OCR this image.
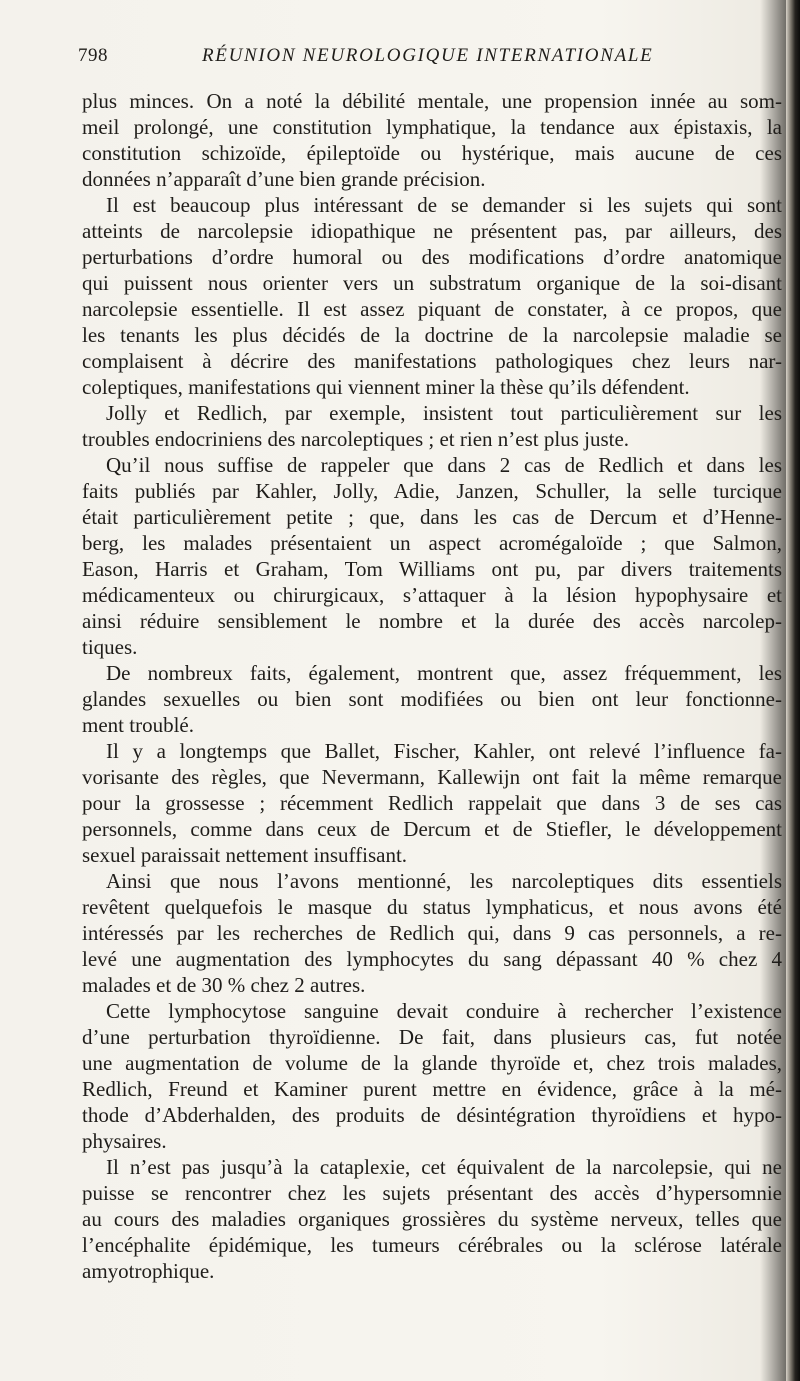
798	RÉUNION NEUROLOGIQUE INTERNATIONALE
plus minces. On a noté la débilité mentale, une propension innée au som-
meil prolongé, une constitution lymphatique, la tendance aux épistaxis, la
constitution schizoïde, épileptoïde ou hystérique, mais aucune de ces
données n’apparaît d’une bien grande précision.
Il est beaucoup plus intéressant de se demander si les sujets qui sont
atteints de narcolepsie idiopathique ne présentent pas, par ailleurs, des
perturbations d’ordre humoral ou des modifications d’ordre anatomique
qui puissent nous orienter vers un substratum organique de la soi-disant
narcolepsie essentielle. Il est assez piquant de constater, à ce propos, que
les tenants les plus décidés de la doctrine de la narcolepsie maladie se
complaisent à décrire des manifestations pathologiques chez leurs nar-
coleptiques, manifestations qui viennent miner la thèse qu’ils défendent.
Jolly et Redlich, par exemple, insistent tout particulièrement sur les
troubles endocriniens des narcoleptiques ; et rien n’est plus juste.
Qu’il nous suffise de rappeler que dans 2 cas de Redlich et dans les
faits publiés par Kahler, Jolly, Adie, Janzen, Schuller, la selle turcique
était particulièrement petite ; que, dans les cas de Dercum et d’Henne-
berg, les malades présentaient un aspect acromégaloïde ; que Salmon,
Eason, Harris et Graham, Tom Williams ont pu, par divers traitements
médicamenteux ou chirurgicaux, s’attaquer à la lésion hypophysaire et
ainsi réduire sensiblement le nombre et la durée des accès narcolep-
tiques.
De nombreux faits, également, montrent que, assez fréquemment, les
glandes sexuelles ou bien sont modifiées ou bien ont leur fonctionne-
ment troublé.
Il y a longtemps que Ballet, Fischer, Kahler, ont relevé l’influence fa-
vorisante des règles, que Nevermann, Kallewijn ont fait la même remarque
pour la grossesse ; récemment Redlich rappelait que dans 3 de ses cas
personnels, comme dans ceux de Dercum et de Stiefler, le développement
sexuel paraissait nettement insuffisant.
Ainsi que nous l’avons mentionné, les narcoleptiques dits essentiels
revêtent quelquefois le masque du status lymphaticus, et nous avons été
intéressés par les recherches de Redlich qui, dans 9 cas personnels, a re-
levé une augmentation des lymphocytes du sang dépassant 40 % chez 4
malades et de 30 % chez 2 autres.
Cette lymphocytose sanguine devait conduire à rechercher l’existence
d’une perturbation thyroïdienne. De fait, dans plusieurs cas, fut notée
une augmentation de volume de la glande thyroïde et, chez trois malades,
Redlich, Freund et Kaminer purent mettre en évidence, grâce à la mé-
thode d’Abderhalden, des produits de désintégration thyroïdiens et hypo-
physaires.
Il n’est pas jusqu’à la cataplexie, cet équivalent de la narcolepsie, qui ne
puisse se rencontrer chez les sujets présentant des accès d’hypersomnie
au cours des maladies organiques grossières du système nerveux, telles que
l’encéphalite épidémique, les tumeurs cérébrales ou la sclérose latérale
amyotrophique.
